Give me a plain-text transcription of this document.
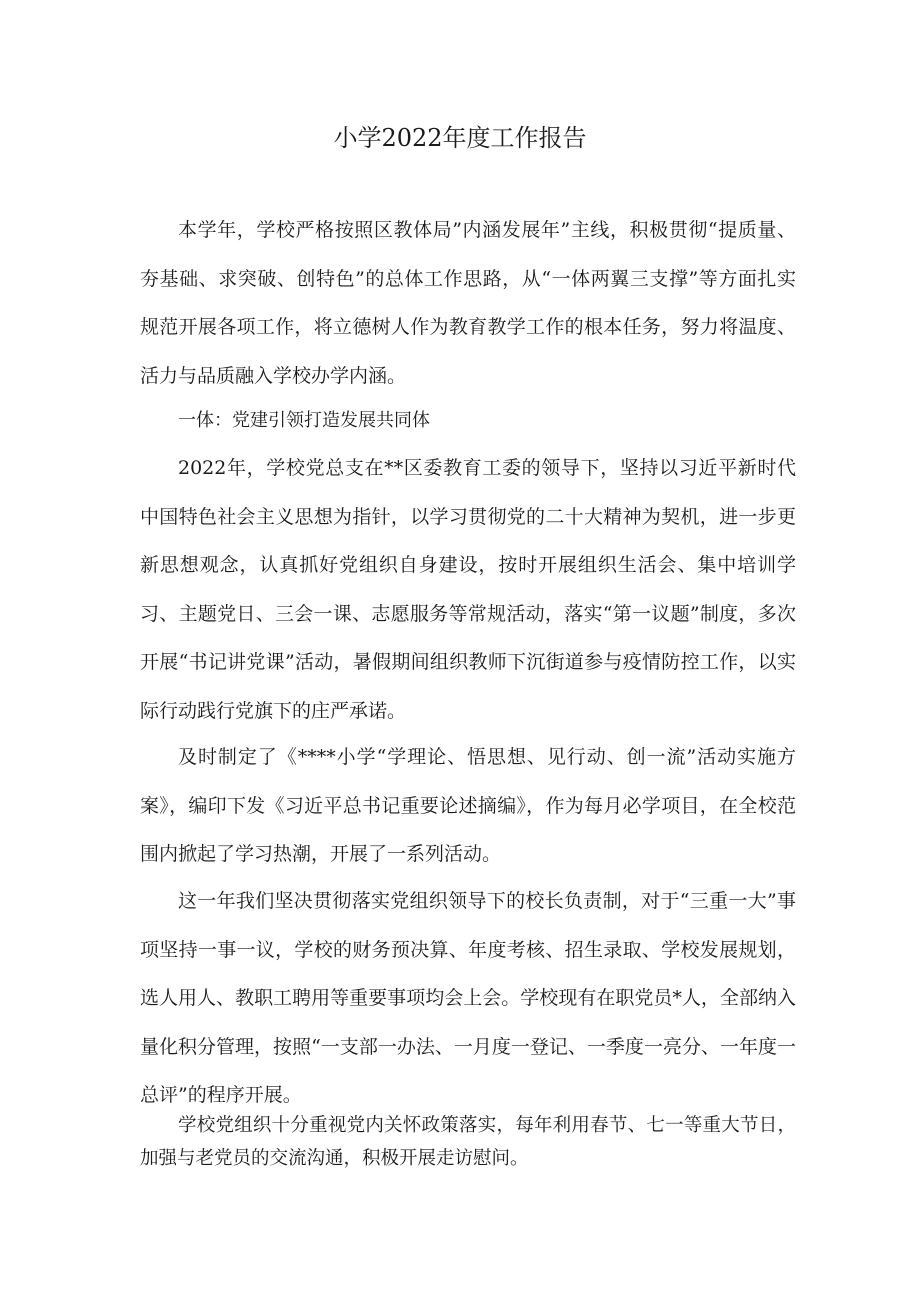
小学2022年度工作报告

本学年，学校严格按照区教体局”内涵发展年”主线，积极贯彻“提质量、夯基础、求突破、创特色”的总体工作思路，从“一体两翼三支撑”等方面扎实规范开展各项工作，将立德树人作为教育教学工作的根本任务，努力将温度、活力与品质融入学校办学内涵。

一体：党建引领打造发展共同体

2022年，学校党总支在**区委教育工委的领导下，坚持以习近平新时代中国特色社会主义思想为指针，以学习贯彻党的二十大精神为契机，进一步更新思想观念，认真抓好党组织自身建设，按时开展组织生活会、集中培训学习、主题党日、三会一课、志愿服务等常规活动，落实“第一议题”制度，多次开展“书记讲党课”活动，暑假期间组织教师下沉街道参与疫情防控工作，以实际行动践行党旗下的庄严承诺。

及时制定了《****小学“学理论、悟思想、见行动、创一流”活动实施方案》，编印下发《习近平总书记重要论述摘编》，作为每月必学项目，在全校范围内掀起了学习热潮，开展了一系列活动。

这一年我们坚决贯彻落实党组织领导下的校长负责制，对于“三重一大”事项坚持一事一议，学校的财务预决算、年度考核、招生录取、学校发展规划，选人用人、教职工聘用等重要事项均会上会。学校现有在职党员*人，全部纳入量化积分管理，按照“一支部一办法、一月度一登记、一季度一亮分、一年度一总评”的程序开展。

学校党组织十分重视党内关怀政策落实，每年利用春节、七一等重大节日，加强与老党员的交流沟通，积极开展走访慰问。
